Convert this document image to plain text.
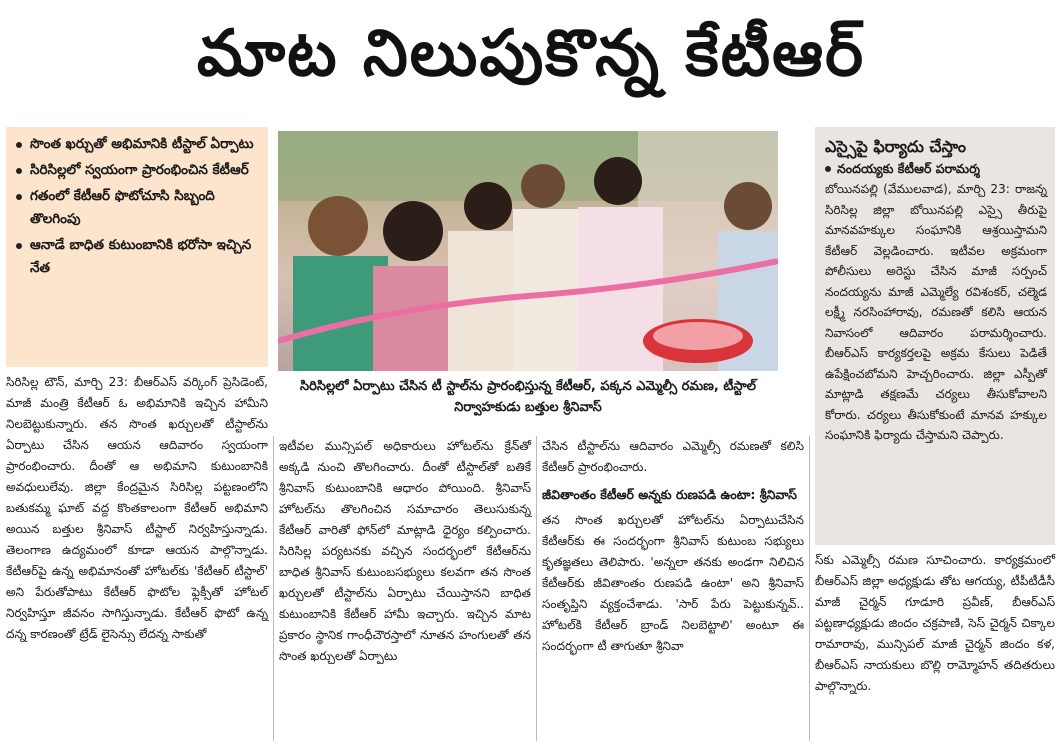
మాట నిలుపుకొన్న కేటీఆర్
సొంత ఖర్చుతో అభిమానికి టీస్టాల్ ఏర్పాటు
సిరిసిల్లలో స్వయంగా ప్రారంభించిన కేటీఆర్
గతంలో కేటీఆర్ ఫొటోచూసి సిబ్బంది తొలగింపు
ఆనాడే బాధిత కుటుంబానికి భరోసా ఇచ్చిన నేత
సిరిసిల్లలో ఏర్పాటు చేసిన టీ స్టాల్‌ను ప్రారంభిస్తున్న కేటీఆర్, పక్కన ఎమ్మెల్సీ రమణ, టీస్టాల్ నిర్వాహకుడు బత్తుల శ్రీనివాస్
ఎస్సైపై ఫిర్యాదు చేస్తాం
నందయ్యకు కేటీఆర్ పరామర్శ

బోయినపల్లి (వేములవాడ), మార్చి 23: రాజన్న సిరిసిల్ల జిల్లా బోయినపల్లి ఎస్సై తీరుపై మానవహక్కుల సంఘానికి ఆశ్రయిస్తామని కేటీఆర్ వెల్లడించారు. ఇటీవల అక్రమంగా పోలీసులు అరెస్టు చేసిన మాజీ సర్పంచ్ నందయ్యను మాజీ ఎమ్మెల్యే రవిశంకర్, చల్మెడ లక్ష్మీ నరసింహారావు, రమణతో కలిసి ఆయన నివాసంలో ఆదివారం పరామర్శించారు. బీఆర్ఎస్ కార్యకర్తలపై అక్రమ కేసులు పెడితే ఉపేక్షించబోమని హెచ్చరించారు. జిల్లా ఎస్పీతో మాట్లాడి తక్షణమే చర్యలు తీసుకోవాలని కోరారు. చర్యలు తీసుకోకుంటే మానవ హక్కుల సంఘానికి ఫిర్యాదు చేస్తామని చెప్పారు.

సిరిసిల్ల టౌన్, మార్చి 23: బీఆర్ఎస్ వర్కింగ్ ప్రెసిడెంట్, మాజీ మంత్రి కేటీఆర్ ఓ అభిమానికి ఇచ్చిన హామీని నిలబెట్టుకున్నారు. తన సొంత ఖర్చులతో టీస్టాల్‌ను ఏర్పాటు చేసిన ఆయన ఆదివారం స్వయంగా ప్రారంభించారు. దీంతో ఆ అభిమాని కుటుంబానికి అవధులులేవు. జిల్లా కేంద్రమైన సిరిసిల్ల పట్టణంలోని బతుకమ్మ ఘాట్ వద్ద కొంతకాలంగా కేటీఆర్ అభిమాని అయిన బత్తుల శ్రీనివాస్ టీస్టాల్ నిర్వహిస్తున్నాడు. తెలంగాణ ఉద్యమంలో కూడా ఆయన పాల్గొన్నాడు. కేటీఆర్‌పై ఉన్న అభిమానంతో హోటల్‌కు 'కేటీఆర్ టీస్టాల్' అని పేరుతోపాటు కేటీఆర్ ఫొటోల ఫ్లెక్సీతో హోటల్ నిర్వహిస్తూ జీవనం సాగిస్తున్నాడు. కేటీఆర్ ఫొటో ఉన్న దన్న కారణంతో ట్రేడ్ లైసెన్సు లేదన్న సాకుతో

ఇటీవల మున్సిపల్ అధికారులు హోటల్‌ను క్రేన్‌తో అక్కడి నుంచి తొలగించారు. దీంతో టీస్టాల్‌తో బతికే శ్రీనివాస్ కుటుంబానికి ఆధారం పోయింది. శ్రీనివాస్ హోటల్‌ను తొలగించిన సమాచారం తెలుసుకున్న కేటీఆర్ వారితో ఫోన్‌లో మాట్లాడి ధైర్యం కల్పించారు. సిరిసిల్ల పర్యటనకు వచ్చిన సందర్భంలో కేటీఆర్‌ను బాధిత శ్రీనివాస్ కుటుంబసభ్యులు కలవగా తన సొంత ఖర్చులతో టీస్టాల్‌ను ఏర్పాటు చేయిస్తానని బాధిత కుటుంబానికి కేటీఆర్ హామీ ఇచ్చారు. ఇచ్చిన మాట ప్రకారం స్థానిక గాంధీచౌరస్తాలో నూతన హంగులతో తన సొంత ఖర్చులతో ఏర్పాటు

చేసిన టీస్టాల్‌ను ఆదివారం ఎమ్మెల్సీ రమణతో కలిసి కేటీఆర్ ప్రారంభించారు.

జీవితాంతం కేటీఆర్ అన్నకు రుణపడి ఉంటా: శ్రీనివాస్

తన సొంత ఖర్చులతో హోటల్‌ను ఏర్పాటుచేసిన కేటీఆర్‌కు ఈ సందర్భంగా శ్రీనివాస్ కుటుంబ సభ్యులు కృతజ్ఞతలు తెలిపారు. 'అన్నలా తనకు అండగా నిలిచిన కేటీఆర్‌కు జీవితాంతం రుణపడి ఉంటా' అని శ్రీనివాస్ సంతృప్తిని వ్యక్తంచేశాడు. 'సార్ పేరు పెట్టుకున్నవ్.. హోటల్‌కి కేటీఆర్ బ్రాండ్ నిలబెట్టాలి' అంటూ ఈ సందర్భంగా టీ తాగుతూ శ్రీనివా

స్‌కు ఎమ్మెల్సీ రమణ సూచించారు. కార్యక్రమంలో బీఆర్ఎస్ జిల్లా అధ్యక్షుడు తోట ఆగయ్య, టీపీటీడీసీ మాజీ చైర్మన్ గూడూరి ప్రవీణ్, బీఆర్ఎస్ పట్టణాధ్యక్షుడు జిందం చక్రపాణి, సెస్ చైర్మన్ చిక్కాల రామారావు, మున్సిపల్ మాజీ చైర్మన్ జిందం కళ, బీఆర్ఎస్ నాయకులు బొల్లి రామ్మోహన్ తదితరులు పాల్గొన్నారు.
